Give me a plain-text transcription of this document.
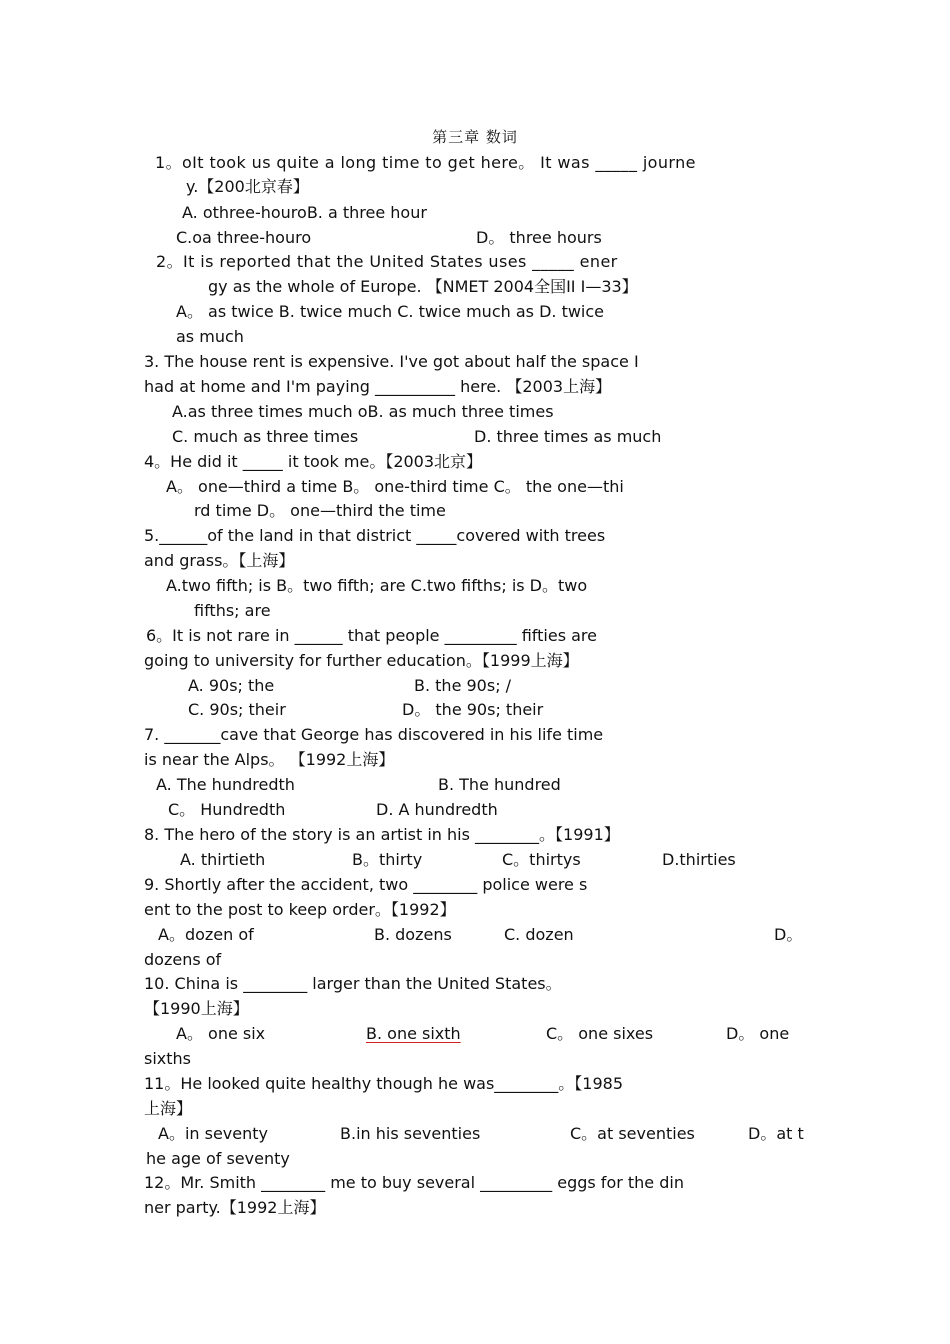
第三章 数词
1。oIt took us quite a long time to get here。 It was _____ journe
y.【200北京春】
A. othree-houroB. a three hour
C.oa three-houro	D。 three hours
2。It is reported that the United States uses _____ ener
gy as the whole of Europe. 【NMET 2004全国II I—33】
A。 as twice B. twice much C. twice much as D. twice
as much
3. The house rent is expensive. I've got about half the space I
had at home and I'm paying __________ here. 【2003上海】
A.as three times much oB. as much three times
C. much as three times	D. three times as much
4。He did it _____ it took me。【2003北京】
A。 one—third a time B。 one-third time C。 the one—thi
rd time D。 one—third the time
5.______of the land in that district _____covered with trees
and grass。【上海】
A.two fifth; is B。two fifth; are C.two fifths; is D。two
fifths; are
6。It is not rare in ______ that people _________ fifties are
going to university for further education。【1999上海】
A. 90s; the	B. the 90s; /
C. 90s; their	D。 the 90s; their
7. _______cave that George has discovered in his life time
is near the Alps。 【1992上海】
A. The hundredth	B. The hundred
C。 Hundredth	D. A hundredth
8. The hero of the story is an artist in his ________。【1991】
A. thirtieth	B。thirty	C。thirtys	D.thirties
9. Shortly after the accident, two ________ police were s
ent to the post to keep order。【1992】
A。dozen of	B. dozens	C. dozen	D。
dozens of
10. China is ________ larger than the United States。
【1990上海】
A。 one six	B. one sixth	C。 one sixes	D。 one
sixths
11。He looked quite healthy though he was________。【1985
上海】
A。in seventy	B.in his seventies	C。at seventies	D。at t
he age of seventy
12。Mr. Smith ________ me to buy several _________ eggs for the din
ner party.【1992上海】
